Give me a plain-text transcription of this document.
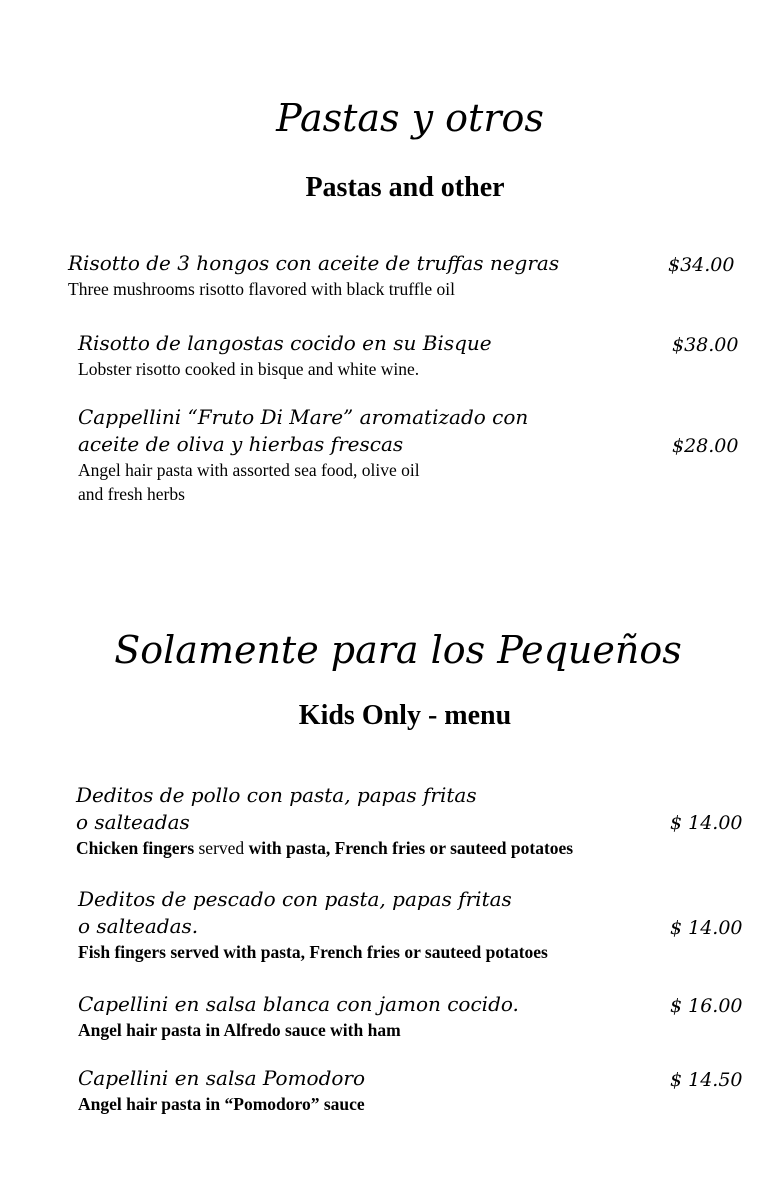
Pastas y otros
Pastas and other
Risotto de 3 hongos con aceite de truffas negras
Three mushrooms risotto flavored with black truffle oil
$34.00
Risotto de langostas cocido en su Bisque
Lobster risotto cooked in bisque and white wine.
$38.00
Cappellini “Fruto Di Mare” aromatizado con
aceite de oliva y hierbas frescas
Angel hair pasta with assorted sea food, olive oil
and fresh herbs
$28.00
Solamente para los Pequeños
Kids Only - menu
Deditos de pollo con pasta, papas fritas
o salteadas
Chicken fingers served with pasta, French fries or sauteed potatoes
$ 14.00
Deditos de pescado con pasta, papas fritas
o salteadas.
Fish fingers served with pasta, French fries or sauteed potatoes
$ 14.00
Capellini en salsa blanca con jamon cocido.
Angel hair pasta in Alfredo sauce with ham
$ 16.00
Capellini en salsa Pomodoro
Angel hair pasta in “Pomodoro” sauce
$ 14.50
